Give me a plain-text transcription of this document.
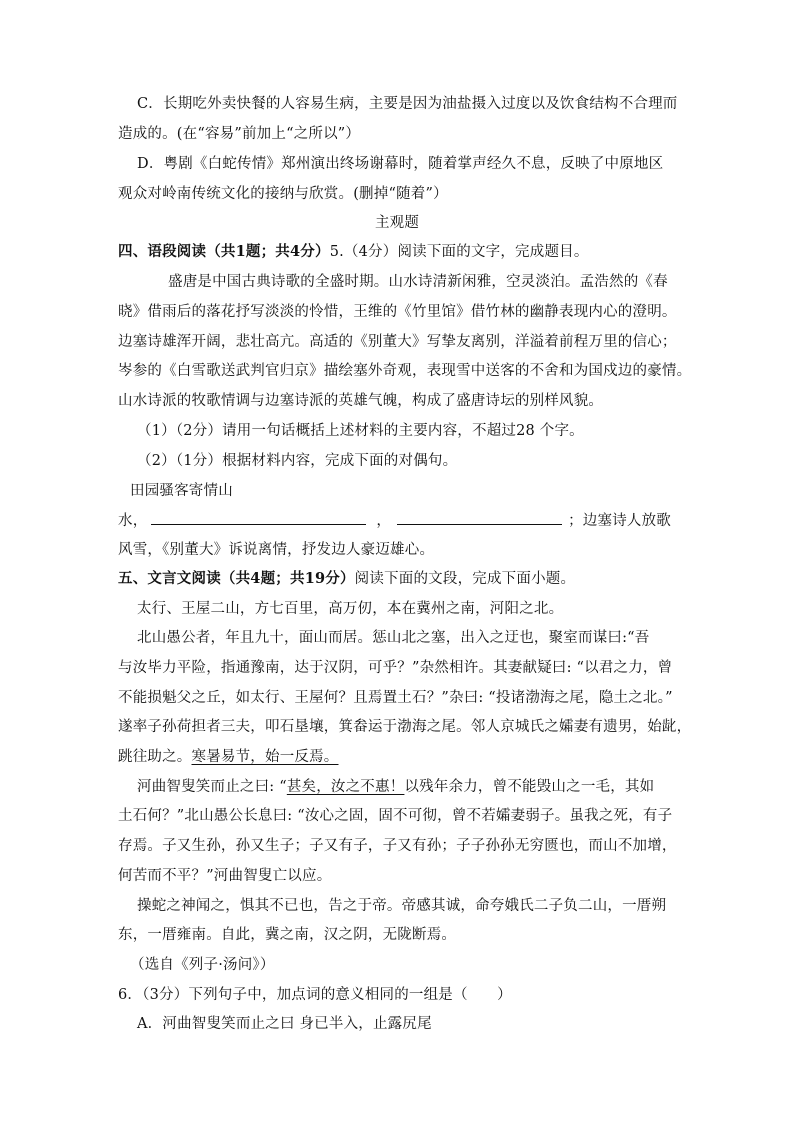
C．长期吃外卖快餐的人容易生病，主要是因为油盐摄入过度以及饮食结构不合理而
造成的。(在“容易”前加上“之所以”）
D．粤剧《白蛇传情》郑州演出终场谢幕时，随着掌声经久不息，反映了中原地区
观众对岭南传统文化的接纳与欣赏。(删掉“随着”）
主观题
四、语段阅读（共1题；共4分）5.（4分）阅读下面的文字，完成题目。
盛唐是中国古典诗歌的全盛时期。山水诗清新闲雅，空灵淡泊。孟浩然的《春
晓》借雨后的落花抒写淡淡的怜惜，王维的《竹里馆》借竹林的幽静表现内心的澄明。
边塞诗雄浑开阔，悲壮高亢。高适的《别董大》写挚友离别，洋溢着前程万里的信心；
岑参的《白雪歌送武判官归京》描绘塞外奇观，表现雪中送客的不舍和为国戍边的豪情。
山水诗派的牧歌情调与边塞诗派的英雄气魄，构成了盛唐诗坛的别样风貌。
（1）（2分）请用一句话概括上述材料的主要内容，不超过28 个字。
（2）（1分）根据材料内容，完成下面的对偶句。
田园骚客寄情山
水，	，	；边塞诗人放歌
风雪，《别董大》诉说离情，抒发边人豪迈雄心。
五、文言文阅读（共4题；共19分）阅读下面的文段，完成下面小题。
太行、王屋二山，方七百里，高万仞，本在冀州之南，河阳之北。
北山愚公者，年且九十，面山而居。惩山北之塞，出入之迂也，聚室而谋曰:“吾
与汝毕力平险，指通豫南，达于汉阴，可乎？”杂然相许。其妻献疑曰: “以君之力，曾
不能损魁父之丘，如太行、王屋何？且焉置土石？”杂曰: “投诸渤海之尾，隐土之北。”
遂率子孙荷担者三夫，叩石垦壤，箕畚运于渤海之尾。邻人京城氏之孀妻有遗男，始龀，
跳往助之。寒暑易节，始一反焉。
河曲智叟笑而止之曰: “甚矣，汝之不惠！以残年余力，曾不能毁山之一毛，其如
土石何？”北山愚公长息曰: “汝心之固，固不可彻，曾不若孀妻弱子。虽我之死，有子
存焉。子又生孙，孙又生子；子又有子，子又有孙；子子孙孙无穷匮也，而山不加增，
何苦而不平？”河曲智叟亡以应。
操蛇之神闻之，惧其不已也，告之于帝。帝感其诚，命夸娥氏二子负二山，一厝朔
东，一厝雍南。自此，冀之南，汉之阴，无陇断焉。
（选自《列子·汤问》）
6．（3分）下列句子中，加点词的意义相同的一组是（　　）
A．河曲智叟笑而止之曰 身已半入，止露尻尾
